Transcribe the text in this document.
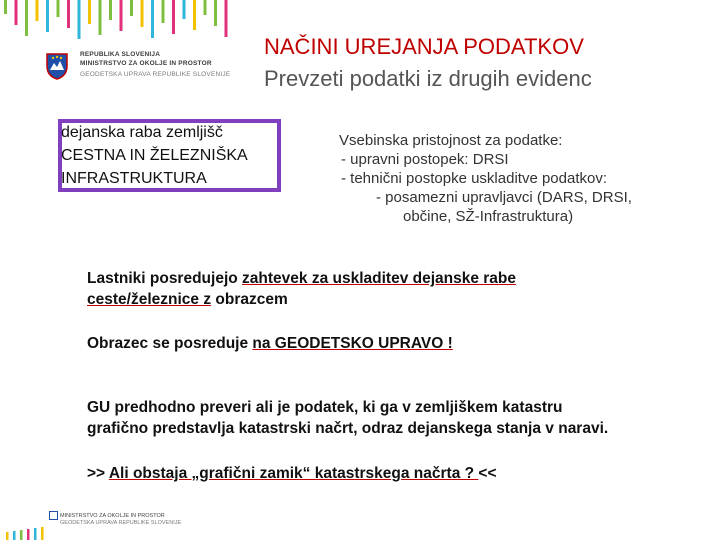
REPUBLIKA SLOVENIJA
MINISTRSTVO ZA OKOLJE IN PROSTOR
GEODETSKA UPRAVA REPUBLIKE SLOVENIJE
NAČINI UREJANJA PODATKOV
Prevzeti podatki iz drugih evidenc
dejanska raba zemljišč
CESTNA IN ŽELEZNIŠKA
INFRASTRUKTURA
Vsebinska pristojnost za podatke:
- upravni postopek: DRSI
- tehnični postopke uskladitve podatkov:
- posamezni upravljavci (DARS, DRSI,
občine, SŽ-Infrastruktura)
Lastniki posredujejo zahtevek za uskladitev dejanske rabe
ceste/železnice z obrazcem
Obrazec se posreduje na GEODETSKO UPRAVO !
GU predhodno preveri ali je podatek, ki ga v zemljiškem katastru
grafično predstavlja katastrski načrt, odraz dejanskega stanja v naravi.
>> Ali obstaja „grafični zamik“ katastrskega načrta ? <<
MINISTRSTVO ZA OKOLJE IN PROSTOR
GEODETSKA UPRAVA REPUBLIKE SLOVENIJE
